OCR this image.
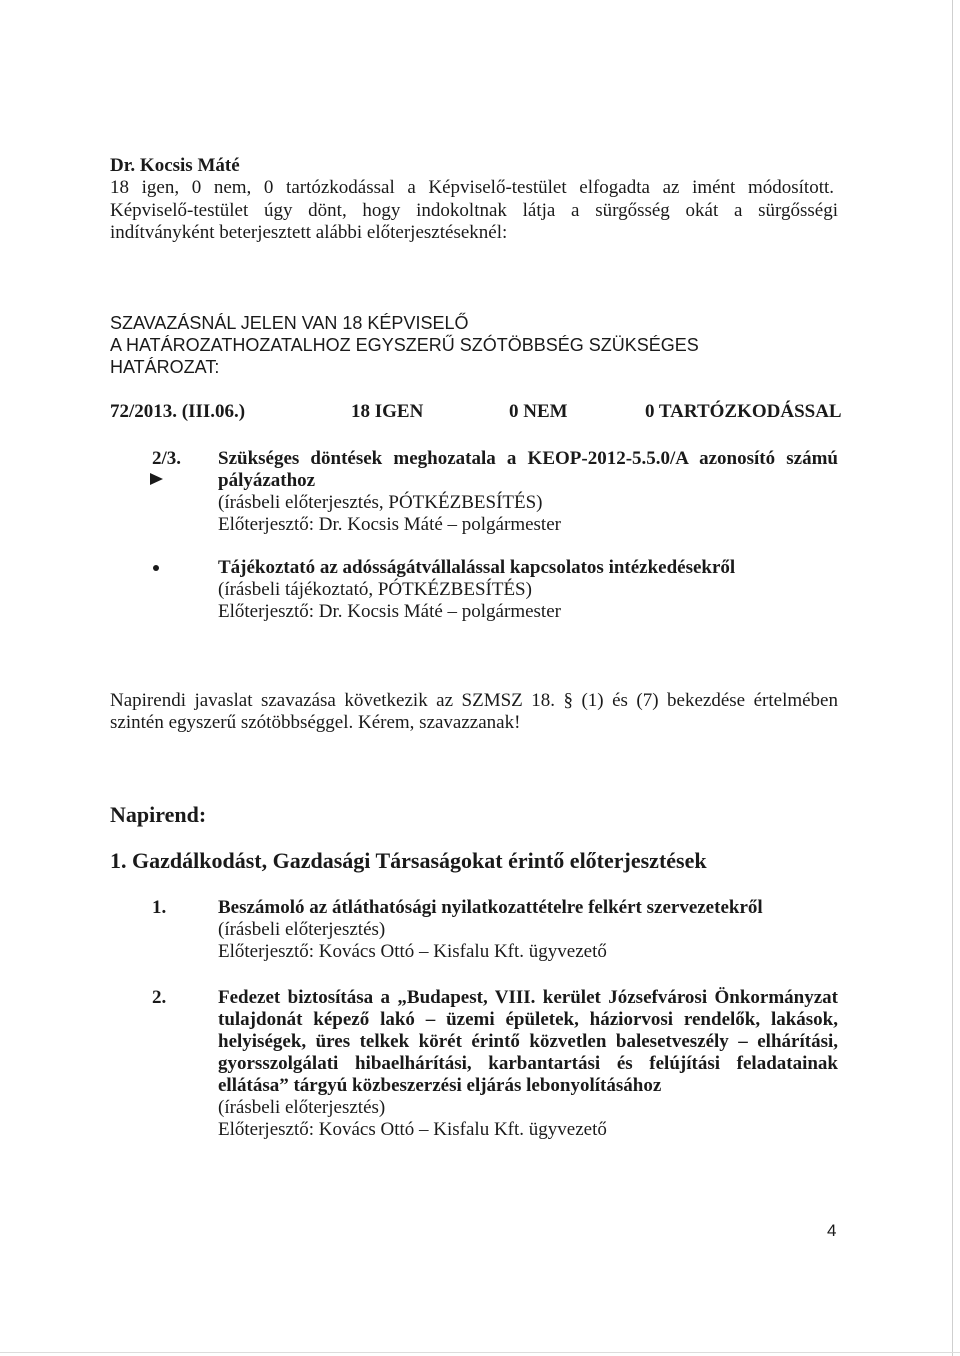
Dr. Kocsis Máté
18 igen, 0 nem, 0 tartózkodással a Képviselő-testület elfogadta az imént módosított.
Képviselő-testület úgy dönt, hogy indokoltnak látja a sürgősség okát a sürgősségi
indítványként beterjesztett alábbi előterjesztéseknél:
SZAVAZÁSNÁL JELEN VAN 18 KÉPVISELŐ
A HATÁROZATHOZATALHOZ EGYSZERŰ SZÓTÖBBSÉG SZÜKSÉGES
HATÁROZAT:
72/2013. (III.06.)	18 IGEN	0 NEM	0 TARTÓZKODÁSSAL
2/3. Szükséges döntések meghozatala a KEOP-2012-5.5.0/A azonosító számú
pályázathoz
(írásbeli előterjesztés, PÓTKÉZBESÍTÉS)
Előterjesztő: Dr. Kocsis Máté – polgármester
Tájékoztató az adósságátvállalással kapcsolatos intézkedésekről
(írásbeli tájékoztató, PÓTKÉZBESÍTÉS)
Előterjesztő: Dr. Kocsis Máté – polgármester
Napirendi javaslat szavazása következik az SZMSZ 18. § (1) és (7) bekezdése értelmében
szintén egyszerű szótöbbséggel. Kérem, szavazzanak!
Napirend:
1. Gazdálkodást, Gazdasági Társaságokat érintő előterjesztések
1.	Beszámoló az átláthatósági nyilatkozattételre felkért szervezetekről
(írásbeli előterjesztés)
Előterjesztő: Kovács Ottó – Kisfalu Kft. ügyvezető
2.	Fedezet biztosítása a „Budapest, VIII. kerület Józsefvárosi Önkormányzat
tulajdonát képező lakó – üzemi épületek, háziorvosi rendelők, lakások,
helyiségek, üres telkek körét érintő közvetlen balesetveszély – elhárítási,
gyorsszolgálati hibaelhárítási, karbantartási és felújítási feladatainak
ellátása” tárgyú közbeszerzési eljárás lebonyolításához
(írásbeli előterjesztés)
Előterjesztő: Kovács Ottó – Kisfalu Kft. ügyvezető
4
